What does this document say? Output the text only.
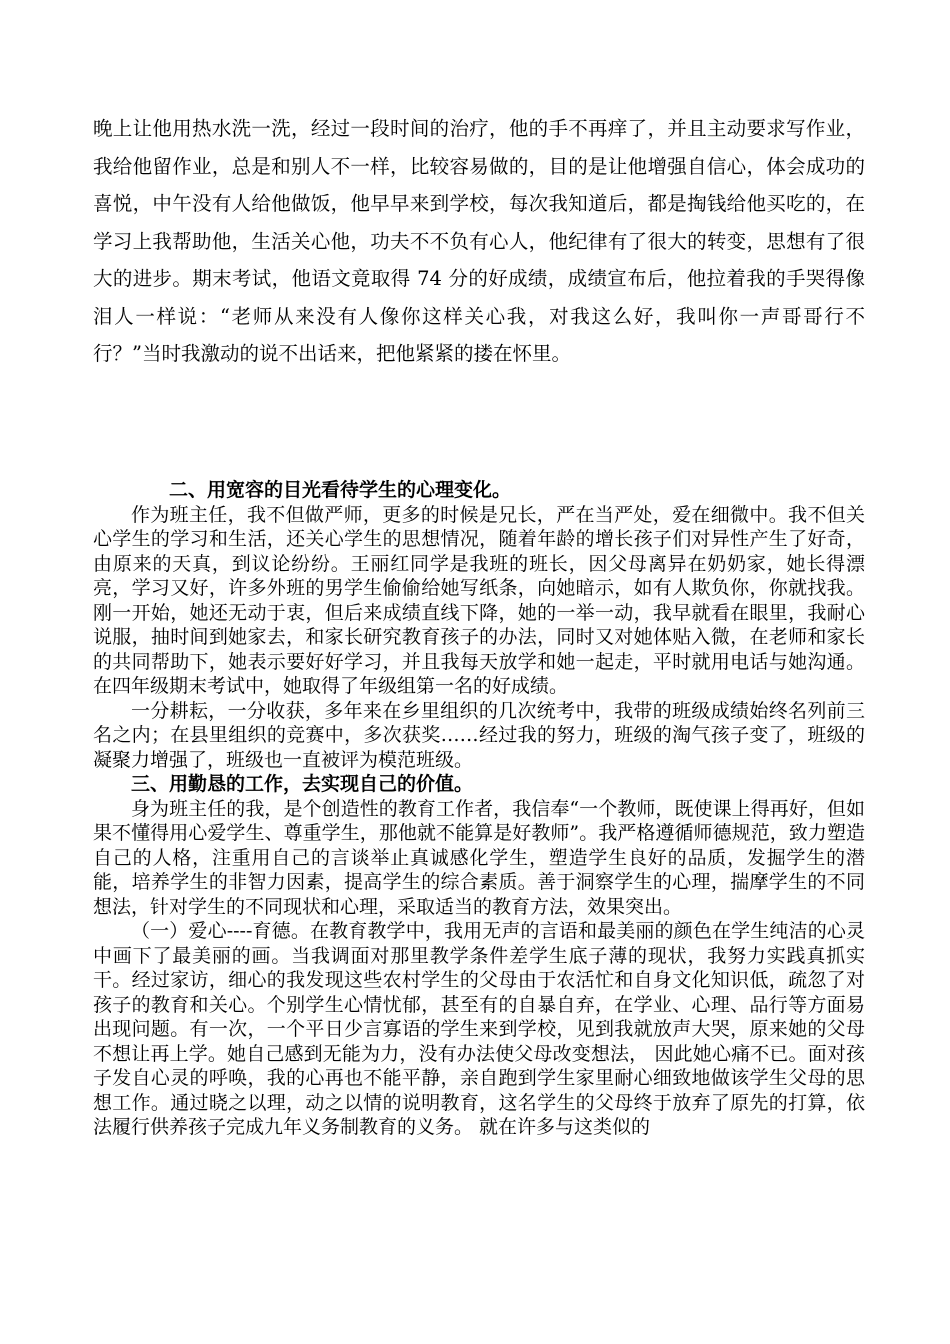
晚上让他用热水洗一洗，经过一段时间的治疗，他的手不再痒了，并且主动要求写作业，我给他留作业，总是和别人不一样，比较容易做的，目的是让他增强自信心，体会成功的喜悦，中午没有人给他做饭，他早早来到学校，每次我知道后，都是掏钱给他买吃的，在学习上我帮助他，生活关心他，功夫不不负有心人，他纪律有了很大的转变，思想有了很大的进步。期末考试，他语文竟取得 74 分的好成绩，成绩宣布后，他拉着我的手哭得像泪人一样说：“老师从来没有人像你这样关心我，对我这么好，我叫你一声哥哥行不行？”当时我激动的说不出话来，把他紧紧的搂在怀里。

二、用宽容的目光看待学生的心理变化。

作为班主任，我不但做严师，更多的时候是兄长，严在当严处，爱在细微中。我不但关心学生的学习和生活，还关心学生的思想情况，随着年龄的增长孩子们对异性产生了好奇，由原来的天真，到议论纷纷。王丽红同学是我班的班长，因父母离异在奶奶家，她长得漂亮，学习又好，许多外班的男学生偷偷给她写纸条，向她暗示，如有人欺负你，你就找我。刚一开始，她还无动于衷，但后来成绩直线下降，她的一举一动，我早就看在眼里，我耐心说服，抽时间到她家去，和家长研究教育孩子的办法，同时又对她体贴入微，在老师和家长的共同帮助下，她表示要好好学习，并且我每天放学和她一起走，平时就用电话与她沟通。在四年级期末考试中，她取得了年级组第一名的好成绩。

一分耕耘，一分收获，多年来在乡里组织的几次统考中，我带的班级成绩始终名列前三名之内；在县里组织的竞赛中，多次获奖……经过我的努力，班级的淘气孩子变了，班级的凝聚力增强了，班级也一直被评为模范班级。

三、用勤恳的工作，去实现自己的价值。

身为班主任的我，是个创造性的教育工作者，我信奉“一个教师，既使课上得再好，但如果不懂得用心爱学生、尊重学生，那他就不能算是好教师”。我严格遵循师德规范，致力塑造自己的人格，注重用自己的言谈举止真诚感化学生，塑造学生良好的品质，发掘学生的潜能，培养学生的非智力因素，提高学生的综合素质。善于洞察学生的心理，揣摩学生的不同想法，针对学生的不同现状和心理，采取适当的教育方法，效果突出。

（一）爱心----育德。在教育教学中，我用无声的言语和最美丽的颜色在学生纯洁的心灵中画下了最美丽的画。当我调面对那里教学条件差学生底子薄的现状，我努力实践真抓实干。经过家访，细心的我发现这些农村学生的父母由于农活忙和自身文化知识低，疏忽了对孩子的教育和关心。个别学生心情忧郁，甚至有的自暴自弃，在学业、心理、品行等方面易出现问题。有一次，一个平日少言寡语的学生来到学校，见到我就放声大哭，原来她的父母不想让再上学。她自己感到无能为力，没有办法使父母改变想法， 因此她心痛不已。面对孩子发自心灵的呼唤，我的心再也不能平静，亲自跑到学生家里耐心细致地做该学生父母的思想工作。通过晓之以理，动之以情的说明教育，这名学生的父母终于放弃了原先的打算，依法履行供养孩子完成九年义务制教育的义务。 就在许多与这类似的
